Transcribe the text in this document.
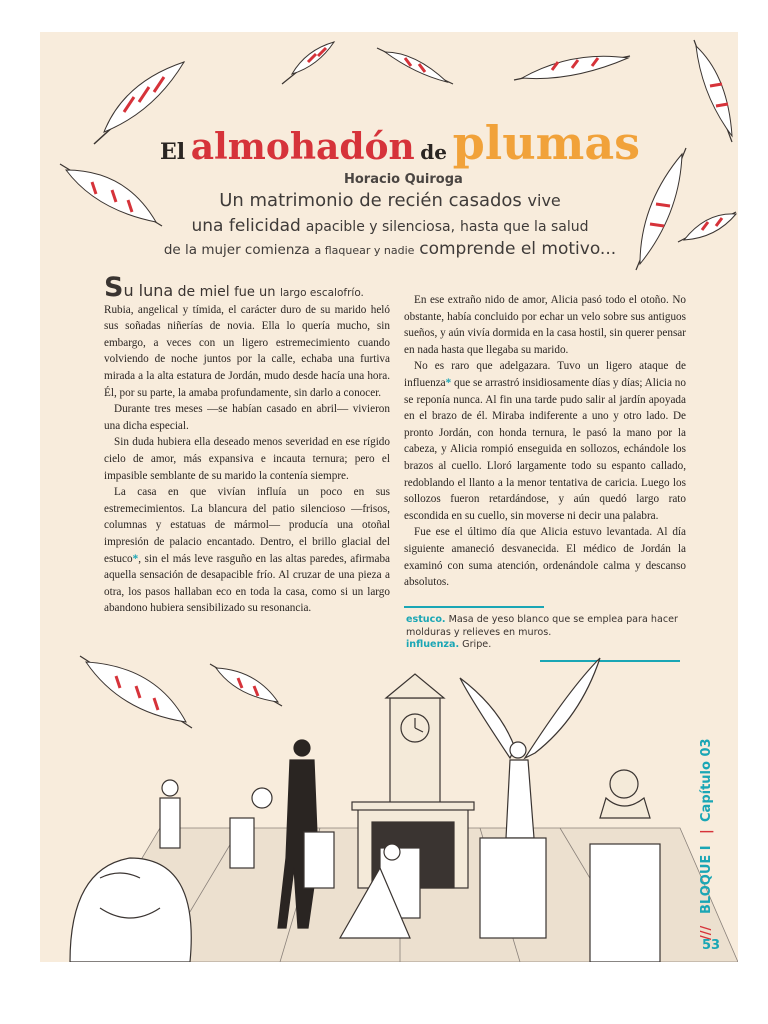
El almohadón de plumas
Horacio Quiroga
Un matrimonio de recién casados vive
una felicidad apacible y silenciosa, hasta que la salud
de la mujer comienza a flaquear y nadie comprende el motivo...

Su luna de miel fue un largo escalofrío.

Rubia, angelical y tímida, el carácter duro de su marido heló sus soñadas niñerías de novia. Ella lo quería mucho, sin embargo, a veces con un ligero estremecimiento cuando volviendo de noche juntos por la calle, echaba una furtiva mirada a la alta estatura de Jordán, mudo desde hacía una hora. Él, por su parte, la amaba profundamente, sin darlo a conocer.

Durante tres meses —se habían casado en abril— vivieron una dicha especial.

Sin duda hubiera ella deseado menos severidad en ese rígido cielo de amor, más expansiva e incauta ternura; pero el impasible semblante de su marido la contenía siempre.

La casa en que vivían influía un poco en sus estremecimientos. La blancura del patio silencioso —frisos, columnas y estatuas de mármol— producía una otoñal impresión de palacio encantado. Dentro, el brillo glacial del estuco*, sin el más leve rasguño en las altas paredes, afirmaba aquella sensación de desapacible frío. Al cruzar de una pieza a otra, los pasos hallaban eco en toda la casa, como si un largo abandono hubiera sensibilizado su resonancia.

En ese extraño nido de amor, Alicia pasó todo el otoño. No obstante, había concluido por echar un velo sobre sus antiguos sueños, y aún vivía dormida en la casa hostil, sin querer pensar en nada hasta que llegaba su marido.

No es raro que adelgazara. Tuvo un ligero ataque de influenza* que se arrastró insidiosamente días y días; Alicia no se reponía nunca. Al fin una tarde pudo salir al jardín apoyada en el brazo de él. Miraba indiferente a uno y otro lado. De pronto Jordán, con honda ternura, le pasó la mano por la cabeza, y Alicia rompió enseguida en sollozos, echándole los brazos al cuello. Lloró largamente todo su espanto callado, redoblando el llanto a la menor tentativa de caricia. Luego los sollozos fueron retardándose, y aún quedó largo rato escondida en su cuello, sin moverse ni decir una palabra.

Fue ese el último día que Alicia estuvo levantada. Al día siguiente amaneció desvanecida. El médico de Jordán la examinó con suma atención, ordenándole calma y descanso absolutos.

estuco. Masa de yeso blanco que se emplea para hacer molduras y relieves en muros.
influenza. Gripe.
///
BLOQUE I
|
Capítulo 03
53
